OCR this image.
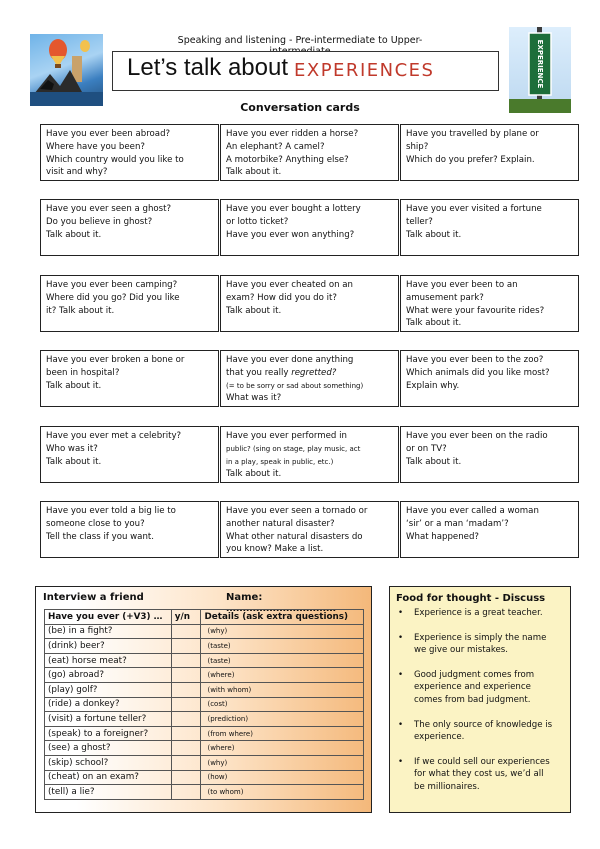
Speaking and listening - Pre-intermediate to Upper-
Let’s talk about EXPERIENCES	EXPERIENCE
Conversation cards
Have you ever been abroad?
Where have you been?
Which country would you like to
visit and why?
Have you ever ridden a horse?
An elephant? A camel?
A motorbike? Anything else?
Talk about it.
Have you travelled by plane or
ship?
Which do you prefer? Explain.
Have you ever seen a ghost?
Do you believe in ghost?
Talk about it.
Have you ever bought a lottery
or lotto ticket?
Have you ever won anything?
Have you ever visited a fortune
teller?
Talk about it.
Have you ever been camping?
Where did you go? Did you like
it? Talk about it.
Have you ever cheated on an
exam? How did you do it?
Talk about it.
Have you ever been to an
amusement park?
What were your favourite rides?
Talk about it.
Have you ever broken a bone or
been in hospital?
Talk about it.
Have you ever done anything
that you really regretted?
(= to be sorry or sad about something)
What was it?
Have you ever been to the zoo?
Which animals did you like most?
Explain why.
Have you ever met a celebrity?
Who was it?
Talk about it.
Have you ever performed in
public? (sing on stage, play music, act
in a play, speak in public, etc.)
Talk about it.
Have you ever been on the radio
or on TV?
Talk about it.
Have you ever told a big lie to
someone close to you?
Tell the class if you want.
Have you ever seen a tornado or
another natural disaster?
What other natural disasters do
you know? Make a list.
Have you ever called a woman
‘sir’ or a man ‘madam’?
What happened?
Interview a friend	Name: ……………………………
Have you ever (+V3) …	y/n	Details (ask extra questions)
(be) in a fight?		(why)
(drink) beer?		(taste)
(eat) horse meat?		(taste)
(go) abroad?		(where)
(play) golf?		(with whom)
(ride) a donkey?		(cost)
(visit) a fortune teller?		(prediction)
(speak) to a foreigner?		(from where)
(see) a ghost?		(where)
(skip) school?		(why)
(cheat) on an exam?		(how)
(tell) a lie?		(to whom)
Food for thought - Discuss
• Experience is a great teacher.
• Experience is simply the name
we give our mistakes.
• Good judgment comes from
experience and experience
comes from bad judgment.
• The only source of knowledge is
experience.
• If we could sell our experiences
for what they cost us, we’d all
be millionaires.
